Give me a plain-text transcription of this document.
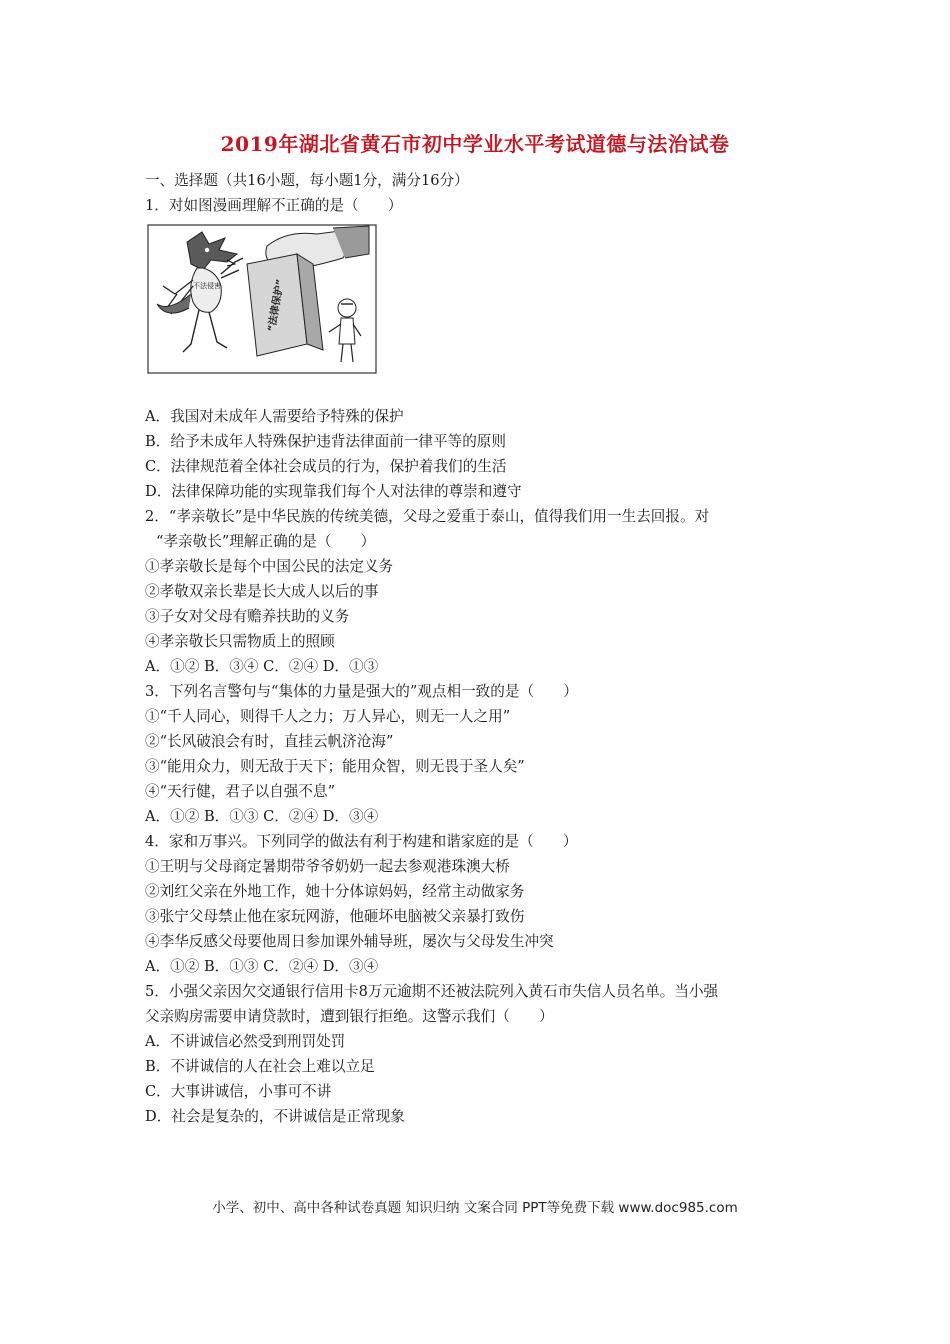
2019年湖北省黄石市初中学业水平考试道德与法治试卷
一、选择题（共16小题，每小题1分，满分16分）
1．对如图漫画理解不正确的是（　　）
不法侵害	“法律保护”
A．我国对未成年人需要给予特殊的保护
B．给予未成年人特殊保护违背法律面前一律平等的原则
C．法律规范着全体社会成员的行为，保护着我们的生活
D．法律保障功能的实现靠我们每个人对法律的尊崇和遵守
2．“孝亲敬长”是中华民族的传统美德，父母之爱重于泰山，值得我们用一生去回报。对
“孝亲敬长”理解正确的是（　　）
①孝亲敬长是每个中国公民的法定义务
②孝敬双亲长辈是长大成人以后的事
③子女对父母有赡养扶助的义务
④孝亲敬长只需物质上的照顾
A．①② B．③④ C．②④ D．①③
3．下列名言警句与“集体的力量是强大的”观点相一致的是（　　）
①“千人同心，则得千人之力；万人异心，则无一人之用”
②“长风破浪会有时，直挂云帆济沧海”
③“能用众力，则无敌于天下；能用众智，则无畏于圣人矣”
④“天行健，君子以自强不息”
A．①② B．①③ C．②④ D．③④
4．家和万事兴。下列同学的做法有利于构建和谐家庭的是（　　）
①王明与父母商定暑期带爷爷奶奶一起去参观港珠澳大桥
②刘红父亲在外地工作，她十分体谅妈妈，经常主动做家务
③张宁父母禁止他在家玩网游，他砸坏电脑被父亲暴打致伤
④李华反感父母要他周日参加课外辅导班，屡次与父母发生冲突
A．①② B．①③ C．②④ D．③④
5．小强父亲因欠交通银行信用卡8万元逾期不还被法院列入黄石市失信人员名单。当小强
父亲购房需要申请贷款时，遭到银行拒绝。这警示我们（　　）
A．不讲诚信必然受到刑罚处罚
B．不讲诚信的人在社会上难以立足
C．大事讲诚信，小事可不讲
D．社会是复杂的，不讲诚信是正常现象
小学、初中、高中各种试卷真题 知识归纳 文案合同 PPT等免费下载 www.doc985.com
